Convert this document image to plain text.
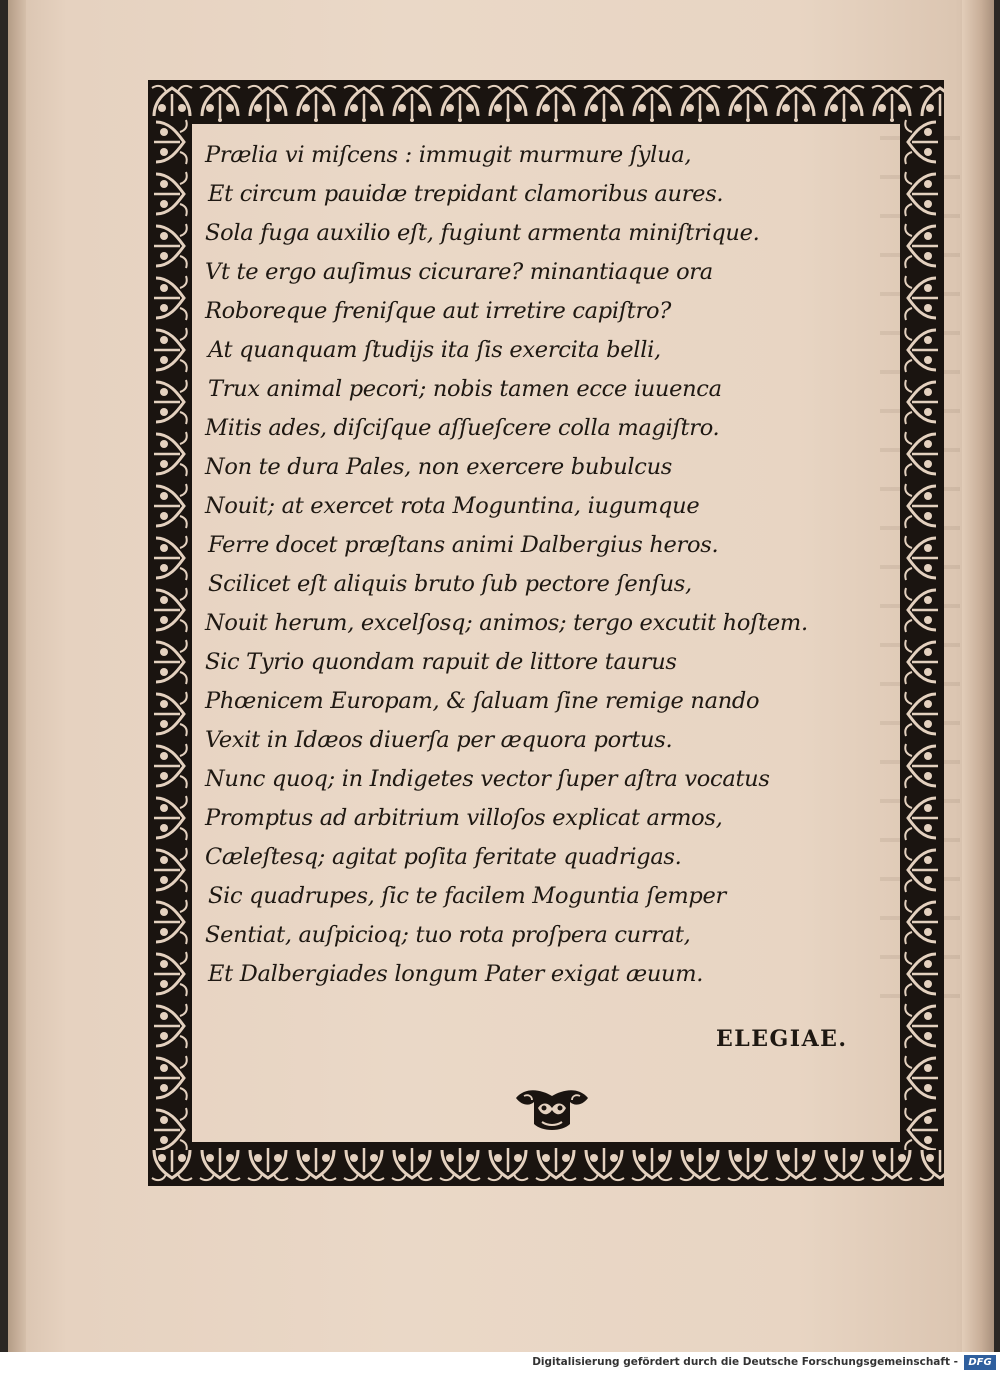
Prælia vi miſcens : immugit murmure ſylua,
Et circum pauidæ trepidant clamoribus aures.
Sola fuga auxilio eſt, fugiunt armenta miniſtrique.
Vt te ergo auſimus cicurare? minantiaque ora
Roboreque freniſque aut irretire capiſtro?
At quanquam ſtudijs ita ſis exercita belli,
Trux animal pecori; nobis tamen ecce iuuenca
Mitis ades, diſciſque aſſueſcere colla magiſtro.
Non te dura Pales, non exercere bubulcus
Nouit; at exercet rota Moguntina, iugumque
Ferre docet præſtans animi Dalbergius heros.
Scilicet eſt aliquis bruto ſub pectore ſenſus,
Nouit herum, excelſosq; animos; tergo excutit hoſtem.
Sic Tyrio quondam rapuit de littore taurus
Phœnicem Europam, & ſaluam ſine remige nando
Vexit in Idæos diuerſa per æquora portus.
Nunc quoq; in Indigetes vector ſuper aſtra vocatus
Promptus ad arbitrium villoſos explicat armos,
Cæleſtesq; agitat poſita feritate quadrigas.
Sic quadrupes, ſic te facilem Moguntia ſemper
Sentiat, auſpicioq; tuo rota proſpera currat,
Et Dalbergiades longum Pater exigat æuum.
ELEGIAE.
Digitalisierung gefördert durch die Deutsche Forschungsgemeinschaft -	DFG
